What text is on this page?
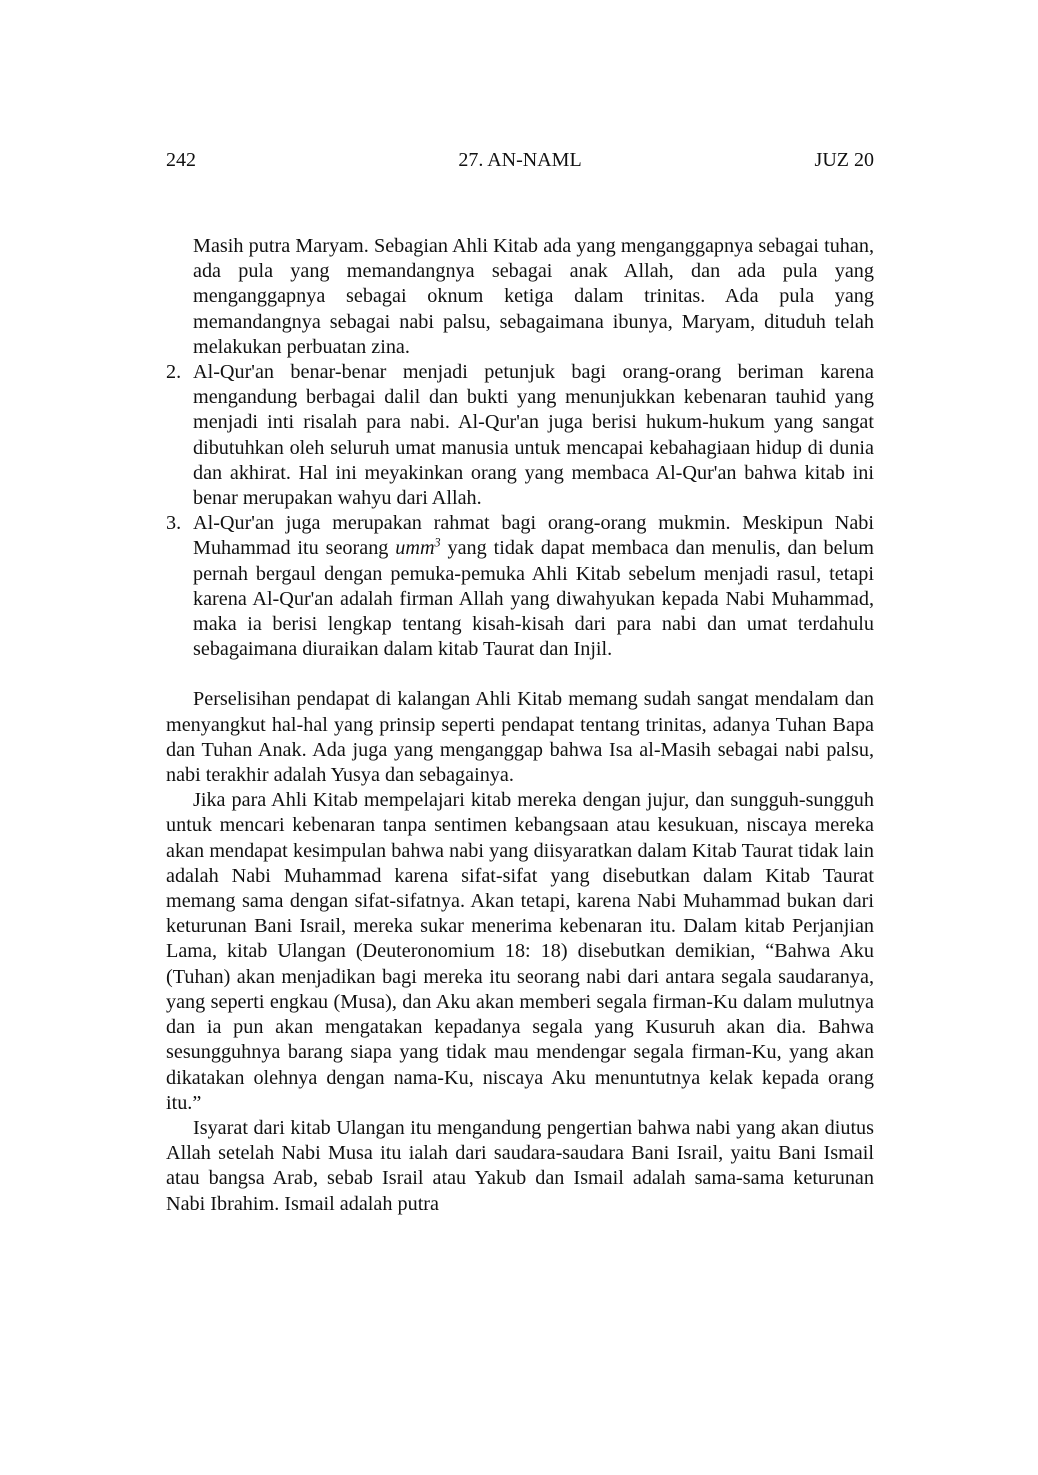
242	27. AN-NAML	JUZ 20

Masih putra Maryam. Sebagian Ahli Kitab ada yang menganggapnya sebagai tuhan, ada pula yang memandangnya sebagai anak Allah, dan ada pula yang menganggapnya sebagai oknum ketiga dalam trinitas. Ada pula yang memandangnya sebagai nabi palsu, sebagaimana ibunya, Maryam, dituduh telah melakukan perbuatan zina.

2. Al-Qur'an benar-benar menjadi petunjuk bagi orang-orang beriman karena mengandung berbagai dalil dan bukti yang menunjukkan kebenaran tauhid yang menjadi inti risalah para nabi. Al-Qur'an juga berisi hukum-hukum yang sangat dibutuhkan oleh seluruh umat manusia untuk mencapai kebahagiaan hidup di dunia dan akhirat. Hal ini meyakinkan orang yang membaca Al-Qur'an bahwa kitab ini benar merupakan wahyu dari Allah.

3. Al-Qur'an juga merupakan rahmat bagi orang-orang mukmin. Meskipun Nabi Muhammad itu seorang umm$^3$ yang tidak dapat membaca dan menulis, dan belum pernah bergaul dengan pemuka-pemuka Ahli Kitab sebelum menjadi rasul, tetapi karena Al-Qur'an adalah firman Allah yang diwahyukan kepada Nabi Muhammad, maka ia berisi lengkap tentang kisah-kisah dari para nabi dan umat terdahulu sebagaimana diuraikan dalam kitab Taurat dan Injil.

Perselisihan pendapat di kalangan Ahli Kitab memang sudah sangat mendalam dan menyangkut hal-hal yang prinsip seperti pendapat tentang trinitas, adanya Tuhan Bapa dan Tuhan Anak. Ada juga yang menganggap bahwa Isa al-Masih sebagai nabi palsu, nabi terakhir adalah Yusya dan sebagainya.

Jika para Ahli Kitab mempelajari kitab mereka dengan jujur, dan sungguh-sungguh untuk mencari kebenaran tanpa sentimen kebangsaan atau kesukuan, niscaya mereka akan mendapat kesimpulan bahwa nabi yang diisyaratkan dalam Kitab Taurat tidak lain adalah Nabi Muhammad karena sifat-sifat yang disebutkan dalam Kitab Taurat memang sama dengan sifat-sifatnya. Akan tetapi, karena Nabi Muhammad bukan dari keturunan Bani Israil, mereka sukar menerima kebenaran itu. Dalam kitab Perjanjian Lama, kitab Ulangan (Deuteronomium 18: 18) disebutkan demikian, “Bahwa Aku (Tuhan) akan menjadikan bagi mereka itu seorang nabi dari antara segala saudaranya, yang seperti engkau (Musa), dan Aku akan memberi segala firman-Ku dalam mulutnya dan ia pun akan mengatakan kepadanya segala yang Kusuruh akan dia. Bahwa sesungguhnya barang siapa yang tidak mau mendengar segala firman-Ku, yang akan dikatakan olehnya dengan nama-Ku, niscaya Aku menuntutnya kelak kepada orang itu.”

Isyarat dari kitab Ulangan itu mengandung pengertian bahwa nabi yang akan diutus Allah setelah Nabi Musa itu ialah dari saudara-saudara Bani Israil, yaitu Bani Ismail atau bangsa Arab, sebab Israil atau Yakub dan Ismail adalah sama-sama keturunan Nabi Ibrahim. Ismail adalah putra
